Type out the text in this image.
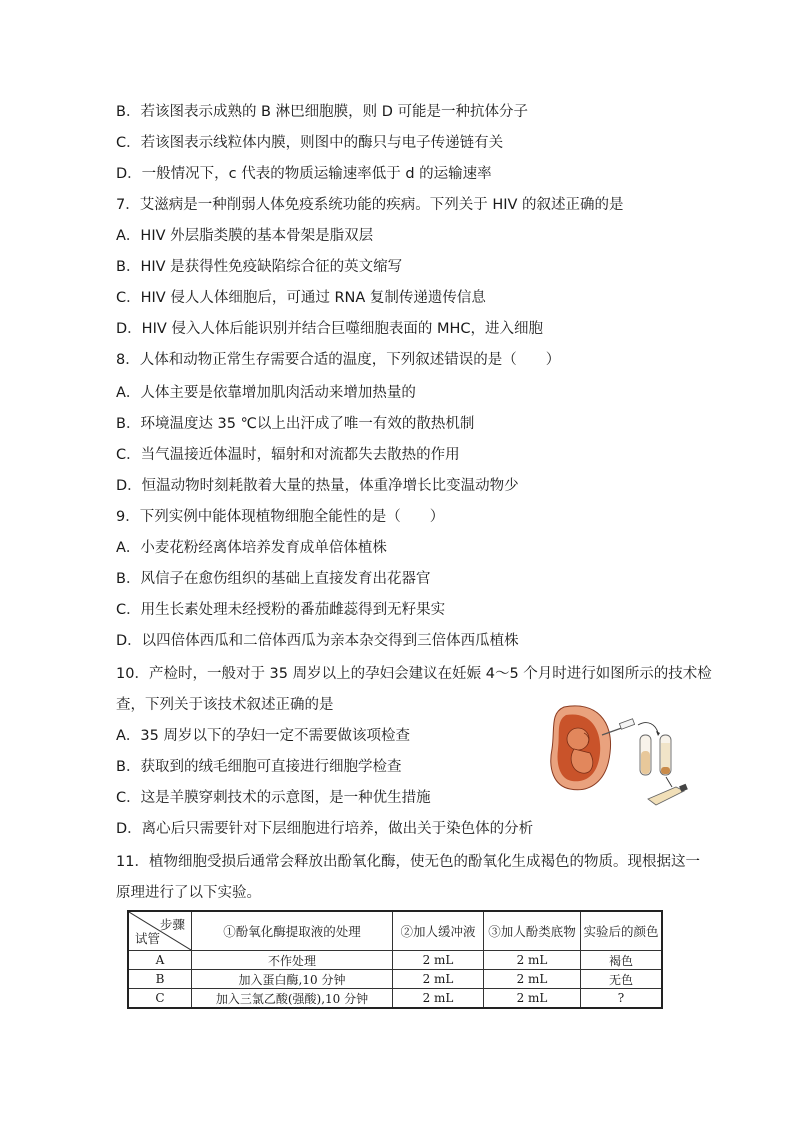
B．若该图表示成熟的 B 淋巴细胞膜，则 D 可能是一种抗体分子
C．若该图表示线粒体内膜，则图中的酶只与电子传递链有关
D．一般情况下，c 代表的物质运输速率低于 d 的运输速率
7．艾滋病是一种削弱人体免疫系统功能的疾病。下列关于 HIV 的叙述正确的是
A．HIV 外层脂类膜的基本骨架是脂双层
B．HIV 是获得性免疫缺陷综合征的英文缩写
C．HIV 侵人人体细胞后，可通过 RNA 复制传递遗传信息
D．HIV 侵入人体后能识别并结合巨噬细胞表面的 MHC，进入细胞
8．人体和动物正常生存需要合适的温度，下列叙述错误的是（　　）
A．人体主要是依靠增加肌肉活动来增加热量的
B．环境温度达 35 ℃以上出汗成了唯一有效的散热机制
C．当气温接近体温时，辐射和对流都失去散热的作用
D．恒温动物时刻耗散着大量的热量，体重净增长比变温动物少
9．下列实例中能体现植物细胞全能性的是（　　）
A．小麦花粉经离体培养发育成单倍体植株
B．风信子在愈伤组织的基础上直接发育出花器官
C．用生长素处理未经授粉的番茄雌蕊得到无籽果实
D．以四倍体西瓜和二倍体西瓜为亲本杂交得到三倍体西瓜植株
10．产检时，一般对于 35 周岁以上的孕妇会建议在妊娠 4～5 个月时进行如图所示的技术检
查，下列关于该技术叙述正确的是
A．35 周岁以下的孕妇一定不需要做该项检查
B．获取到的绒毛细胞可直接进行细胞学检查
C．这是羊膜穿刺技术的示意图，是一种优生措施
D．离心后只需要针对下层细胞进行培养，做出关于染色体的分析
11．植物细胞受损后通常会释放出酚氧化酶，使无色的酚氧化生成褐色的物质。现根据这一
原理进行了以下实验。
步骤
试管	①酚氧化酶提取液的处理	②加人缓冲液	③加人酚类底物	实验后的颜色
A	不作处理	2 mL	2 mL	褐色
B	加入蛋白酶,10 分钟	2 mL	2 mL	无色
C	加入三氯乙酸(强酸),10 分钟	2 mL	2 mL	?
